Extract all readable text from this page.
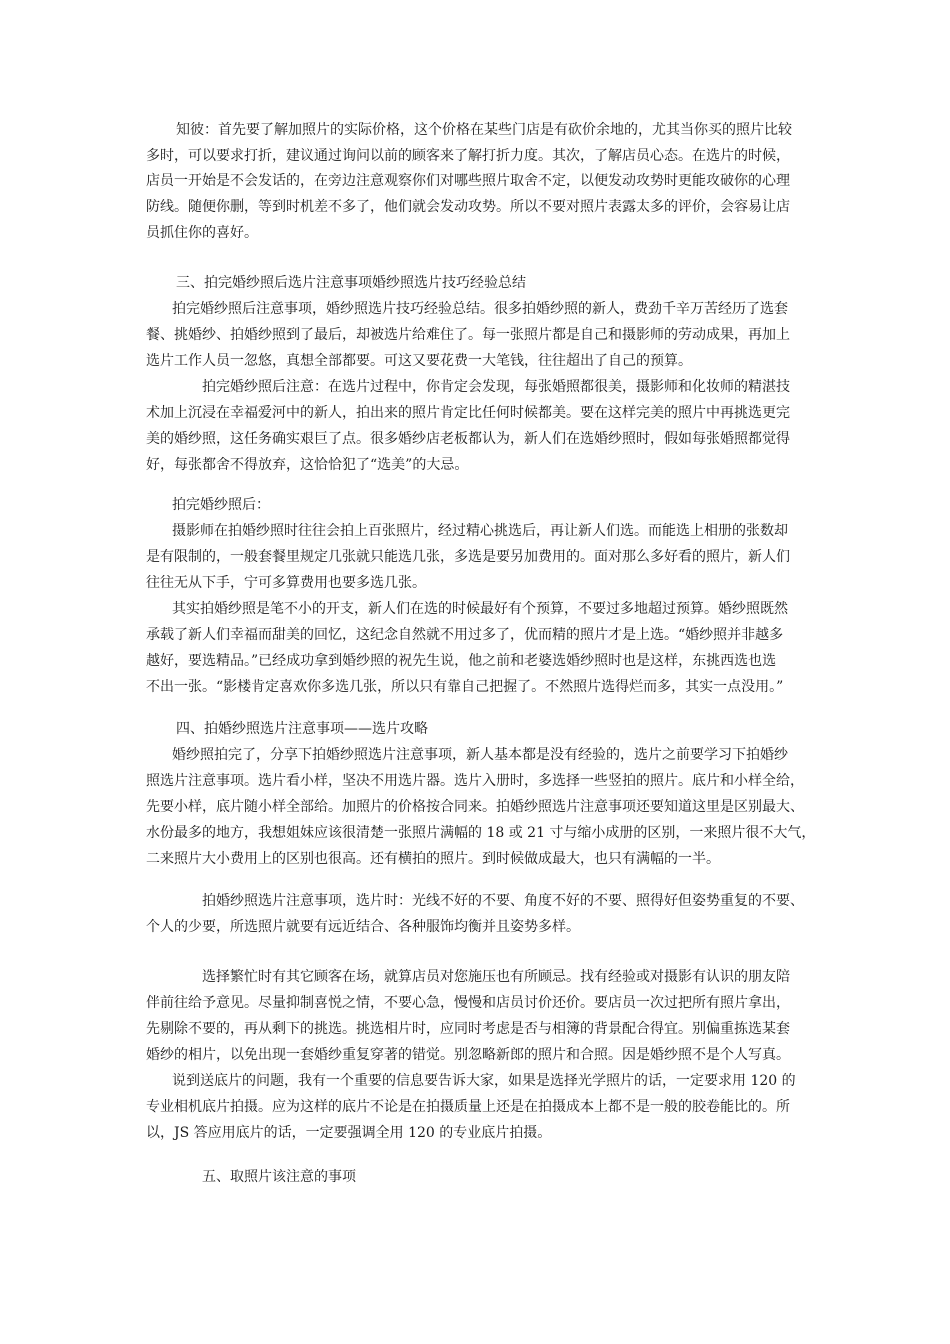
知彼：首先要了解加照片的实际价格，这个价格在某些门店是有砍价余地的，尤其当你买的照片比较
多时，可以要求打折，建议通过询问以前的顾客来了解打折力度。其次，了解店员心态。在选片的时候，
店员一开始是不会发话的，在旁边注意观察你们对哪些照片取舍不定，以便发动攻势时更能攻破你的心理
防线。随便你删，等到时机差不多了，他们就会发动攻势。所以不要对照片表露太多的评价，会容易让店
员抓住你的喜好。
三、拍完婚纱照后选片注意事项婚纱照选片技巧经验总结
拍完婚纱照后注意事项，婚纱照选片技巧经验总结。很多拍婚纱照的新人，费劲千辛万苦经历了选套
餐、挑婚纱、拍婚纱照到了最后，却被选片给难住了。每一张照片都是自己和摄影师的劳动成果，再加上
选片工作人员一忽悠，真想全部都要。可这又要花费一大笔钱，往往超出了自己的预算。
拍完婚纱照后注意：在选片过程中，你肯定会发现，每张婚照都很美，摄影师和化妆师的精湛技
术加上沉浸在幸福爱河中的新人，拍出来的照片肯定比任何时候都美。要在这样完美的照片中再挑选更完
美的婚纱照，这任务确实艰巨了点。很多婚纱店老板都认为，新人们在选婚纱照时，假如每张婚照都觉得
好，每张都舍不得放弃，这恰恰犯了“选美”的大忌。
拍完婚纱照后：
摄影师在拍婚纱照时往往会拍上百张照片，经过精心挑选后，再让新人们选。而能选上相册的张数却
是有限制的，一般套餐里规定几张就只能选几张，多选是要另加费用的。面对那么多好看的照片，新人们
往往无从下手，宁可多算费用也要多选几张。
其实拍婚纱照是笔不小的开支，新人们在选的时候最好有个预算，不要过多地超过预算。婚纱照既然
承载了新人们幸福而甜美的回忆，这纪念自然就不用过多了，优而精的照片才是上选。“婚纱照并非越多
越好，要选精品。”已经成功拿到婚纱照的祝先生说，他之前和老婆选婚纱照时也是这样，东挑西选也选
不出一张。“影楼肯定喜欢你多选几张，所以只有靠自己把握了。不然照片选得烂而多，其实一点没用。”
四、拍婚纱照选片注意事项——选片攻略
婚纱照拍完了，分享下拍婚纱照选片注意事项，新人基本都是没有经验的，选片之前要学习下拍婚纱
照选片注意事项。选片看小样，坚决不用选片器。选片入册时，多选择一些竖拍的照片。底片和小样全给，
先要小样，底片随小样全部给。加照片的价格按合同来。拍婚纱照选片注意事项还要知道这里是区别最大、
水份最多的地方，我想姐妹应该很清楚一张照片满幅的 18 或 21 寸与缩小成册的区别，一来照片很不大气，
二来照片大小费用上的区别也很高。还有横拍的照片。到时候做成最大，也只有满幅的一半。
拍婚纱照选片注意事项，选片时：光线不好的不要、角度不好的不要、照得好但姿势重复的不要、
个人的少要，所选照片就要有远近结合、各种服饰均衡并且姿势多样。
选择繁忙时有其它顾客在场，就算店员对您施压也有所顾忌。找有经验或对摄影有认识的朋友陪
伴前往给予意见。尽量抑制喜悦之情，不要心急，慢慢和店员讨价还价。要店员一次过把所有照片拿出，
先剔除不要的，再从剩下的挑选。挑选相片时，应同时考虑是否与相簿的背景配合得宜。别偏重拣选某套
婚纱的相片，以免出现一套婚纱重复穿著的错觉。别忽略新郎的照片和合照。因是婚纱照不是个人写真。
说到送底片的问题，我有一个重要的信息要告诉大家，如果是选择光学照片的话，一定要求用 120 的
专业相机底片拍摄。应为这样的底片不论是在拍摄质量上还是在拍摄成本上都不是一般的胶卷能比的。所
以，JS 答应用底片的话，一定要强调全用 120 的专业底片拍摄。
五、取照片该注意的事项
